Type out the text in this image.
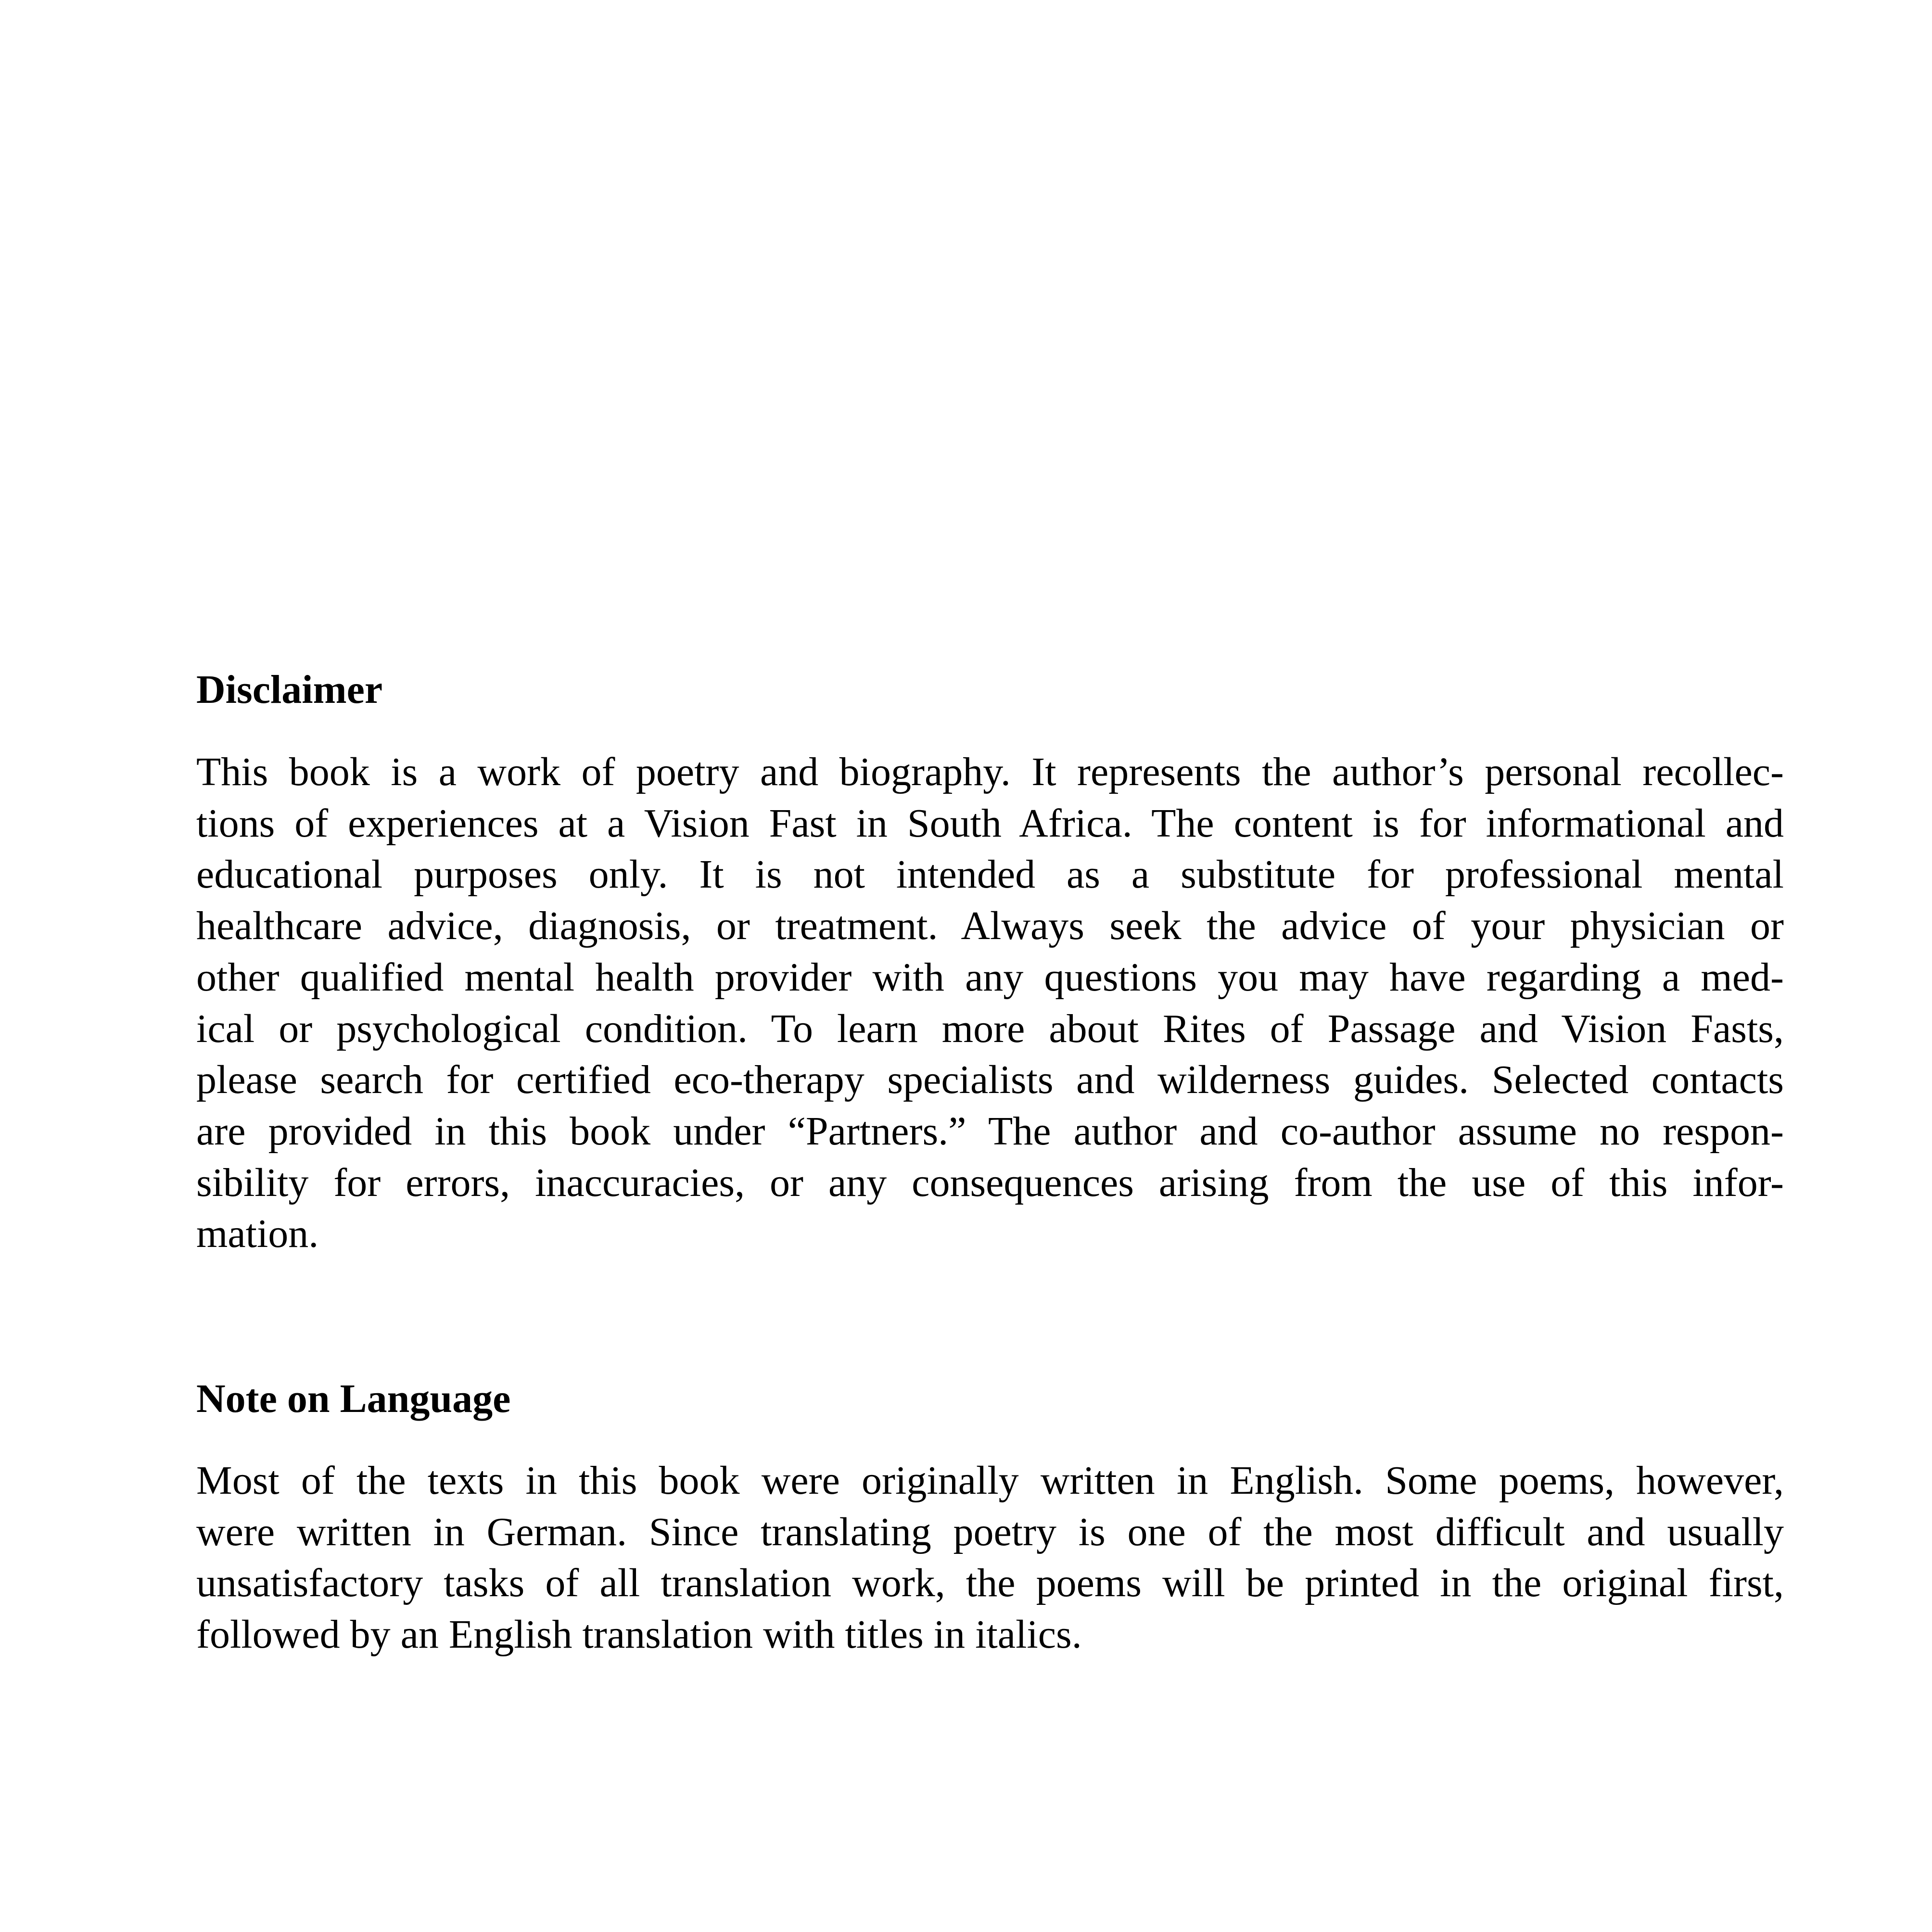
Disclaimer

This book is a work of poetry and biography. It represents the author’s personal recollec-
tions of experiences at a Vision Fast in South Africa. The content is for informational and
educational purposes only. It is not intended as a substitute for professional mental
healthcare advice, diagnosis, or treatment. Always seek the advice of your physician or
other qualified mental health provider with any questions you may have regarding a med-
ical or psychological condition. To learn more about Rites of Passage and Vision Fasts,
please search for certified eco-therapy specialists and wilderness guides. Selected contacts
are provided in this book under “Partners.” The author and co-author assume no respon-
sibility for errors, inaccuracies, or any consequences arising from the use of this infor-
mation.

Note on Language

Most of the texts in this book were originally written in English. Some poems, however,
were written in German. Since translating poetry is one of the most difficult and usually
unsatisfactory tasks of all translation work, the poems will be printed in the original first,
followed by an English translation with titles in italics.
